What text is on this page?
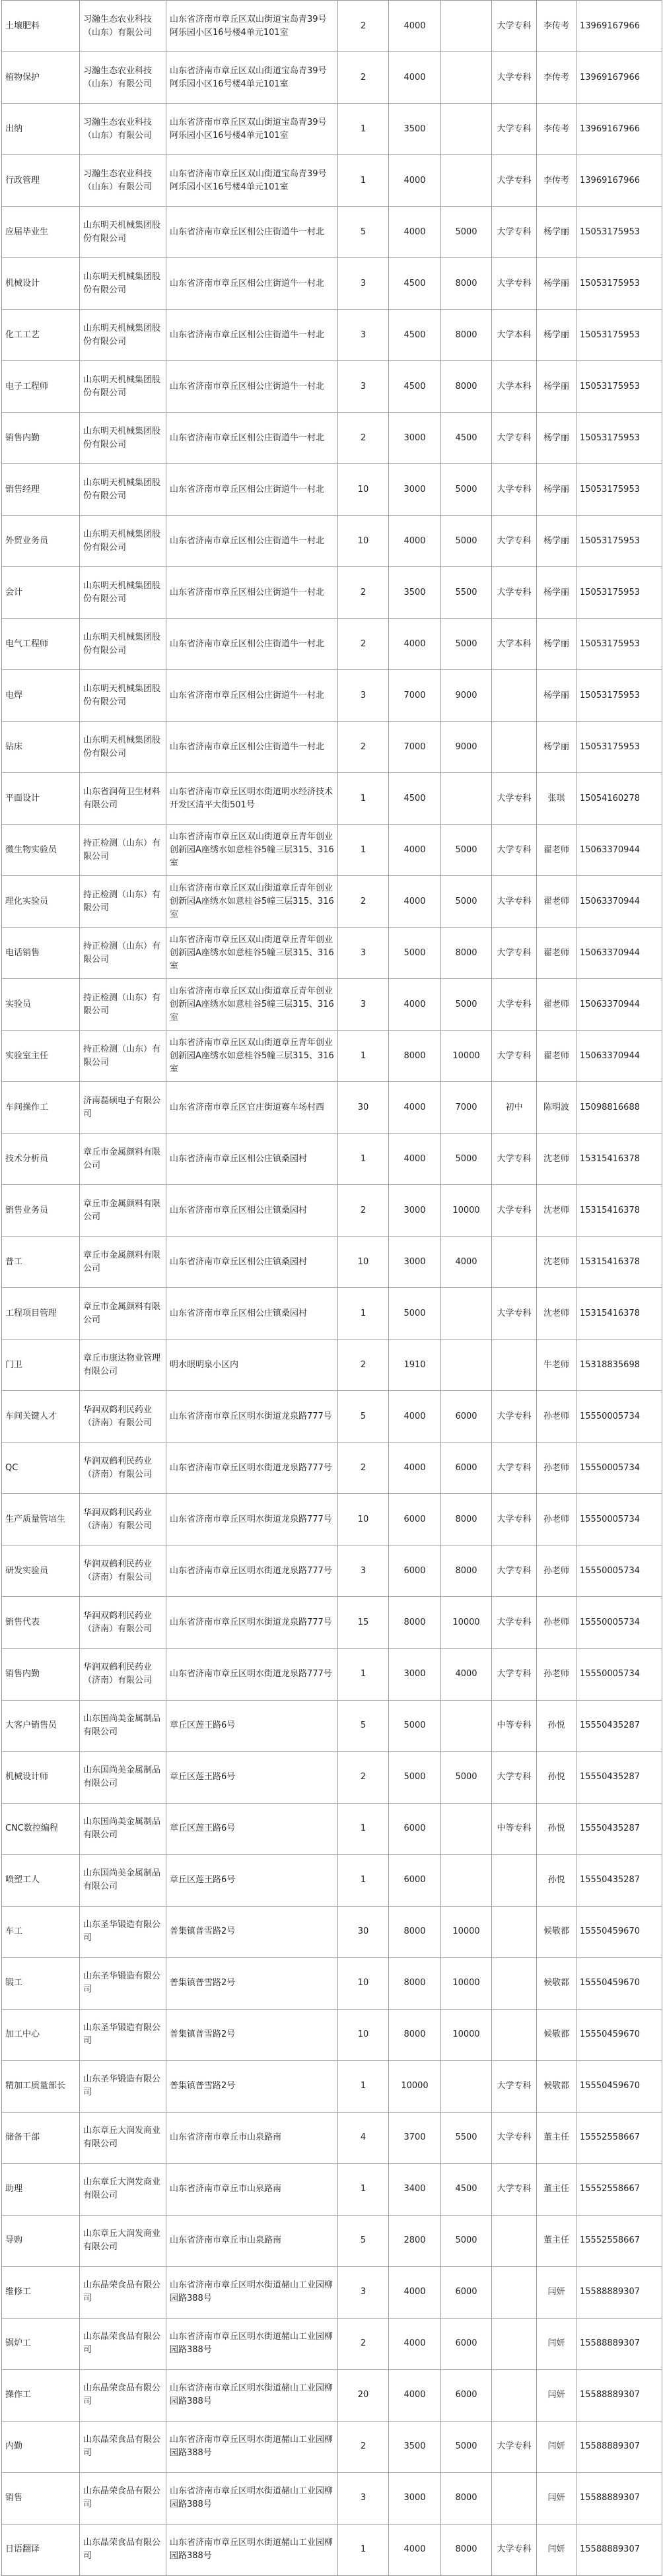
土壤肥料	习瀚生态农业科技（山东）有限公司	山东省济南市章丘区双山街道宝岛青39号阿乐园小区16号楼4单元101室	2	4000		大学专科	李传考	13969167966
植物保护	习瀚生态农业科技（山东）有限公司	山东省济南市章丘区双山街道宝岛青39号阿乐园小区16号楼4单元101室	2	4000		大学专科	李传考	13969167966
出纳	习瀚生态农业科技（山东）有限公司	山东省济南市章丘区双山街道宝岛青39号阿乐园小区16号楼4单元101室	1	3500		大学专科	李传考	13969167966
行政管理	习瀚生态农业科技（山东）有限公司	山东省济南市章丘区双山街道宝岛青39号阿乐园小区16号楼4单元101室	1	4000		大学专科	李传考	13969167966
应届毕业生	山东明天机械集团股份有限公司	山东省济南市章丘区相公庄街道牛一村北	5	4000	5000	大学专科	杨学丽	15053175953
机械设计	山东明天机械集团股份有限公司	山东省济南市章丘区相公庄街道牛一村北	3	4500	8000	大学专科	杨学丽	15053175953
化工工艺	山东明天机械集团股份有限公司	山东省济南市章丘区相公庄街道牛一村北	3	4500	8000	大学本科	杨学丽	15053175953
电子工程师	山东明天机械集团股份有限公司	山东省济南市章丘区相公庄街道牛一村北	3	4500	8000	大学本科	杨学丽	15053175953
销售内勤	山东明天机械集团股份有限公司	山东省济南市章丘区相公庄街道牛一村北	2	3000	4500	大学专科	杨学丽	15053175953
销售经理	山东明天机械集团股份有限公司	山东省济南市章丘区相公庄街道牛一村北	10	3000	5000	大学专科	杨学丽	15053175953
外贸业务员	山东明天机械集团股份有限公司	山东省济南市章丘区相公庄街道牛一村北	10	4000	5000	大学专科	杨学丽	15053175953
会计	山东明天机械集团股份有限公司	山东省济南市章丘区相公庄街道牛一村北	2	3500	5500	大学专科	杨学丽	15053175953
电气工程师	山东明天机械集团股份有限公司	山东省济南市章丘区相公庄街道牛一村北	2	4000	5000	大学本科	杨学丽	15053175953
电焊	山东明天机械集团股份有限公司	山东省济南市章丘区相公庄街道牛一村北	3	7000	9000		杨学丽	15053175953
钻床	山东明天机械集团股份有限公司	山东省济南市章丘区相公庄街道牛一村北	2	7000	9000		杨学丽	15053175953
平面设计	山东省润荷卫生材料有限公司	山东省济南市章丘区明水街道明水经济技术开发区清平大街501号	1	4500		大学专科	张琪	15054160278
微生物实验员	持正检测（山东）有限公司	山东省济南市章丘区双山街道章丘青年创业创新园A座绣水如意桂谷5幢三层315、316室	1	4000	5000	大学专科	翟老师	15063370944
理化实验员	持正检测（山东）有限公司	山东省济南市章丘区双山街道章丘青年创业创新园A座绣水如意桂谷5幢三层315、316室	2	4000	5000	大学专科	翟老师	15063370944
电话销售	持正检测（山东）有限公司	山东省济南市章丘区双山街道章丘青年创业创新园A座绣水如意桂谷5幢三层315、316室	3	5000	8000	大学专科	翟老师	15063370944
实验员	持正检测（山东）有限公司	山东省济南市章丘区双山街道章丘青年创业创新园A座绣水如意桂谷5幢三层315、316室	3	4000	5000	大学专科	翟老师	15063370944
实验室主任	持正检测（山东）有限公司	山东省济南市章丘区双山街道章丘青年创业创新园A座绣水如意桂谷5幢三层315、316室	1	8000	10000	大学专科	翟老师	15063370944
车间操作工	济南磊硕电子有限公司	山东省济南市章丘区官庄街道赛车场村西	30	4000	7000	初中	陈明波	15098816688
技术分析员	章丘市金属颜料有限公司	山东省济南市章丘区相公庄镇桑园村	1	4000	5000	大学专科	沈老师	15315416378
销售业务员	章丘市金属颜料有限公司	山东省济南市章丘区相公庄镇桑园村	2	3000	10000	大学专科	沈老师	15315416378
普工	章丘市金属颜料有限公司	山东省济南市章丘区相公庄镇桑园村	10	3000	4000		沈老师	15315416378
工程项目管理	章丘市金属颜料有限公司	山东省济南市章丘区相公庄镇桑园村	1	5000		大学专科	沈老师	15315416378
门卫	章丘市康达物业管理有限公司	明水眼明泉小区内	2	1910			牛老师	15318835698
车间关键人才	华润双鹤利民药业（济南）有限公司	山东省济南市章丘区明水街道龙泉路777号	5	4000	6000	大学专科	孙老师	15550005734
QC	华润双鹤利民药业（济南）有限公司	山东省济南市章丘区明水街道龙泉路777号	2	4000	6000	大学专科	孙老师	15550005734
生产质量管培生	华润双鹤利民药业（济南）有限公司	山东省济南市章丘区明水街道龙泉路777号	10	6000	8000	大学专科	孙老师	15550005734
研发实验员	华润双鹤利民药业（济南）有限公司	山东省济南市章丘区明水街道龙泉路777号	3	6000	8000	大学专科	孙老师	15550005734
销售代表	华润双鹤利民药业（济南）有限公司	山东省济南市章丘区明水街道龙泉路777号	15	8000	10000	大学专科	孙老师	15550005734
销售内勤	华润双鹤利民药业（济南）有限公司	山东省济南市章丘区明水街道龙泉路777号	1	3000	4000	大学专科	孙老师	15550005734
大客户销售员	山东国尚美金属制品有限公司	章丘区莲王路6号	5	5000		中等专科	孙悦	15550435287
机械设计师	山东国尚美金属制品有限公司	章丘区莲王路6号	2	5000	5000	大学专科	孙悦	15550435287
CNC数控编程	山东国尚美金属制品有限公司	章丘区莲王路6号	1	6000		中等专科	孙悦	15550435287
喷塑工人	山东国尚美金属制品有限公司	章丘区莲王路6号	1	6000			孙悦	15550435287
车工	山东圣华锻造有限公司	普集镇普雪路2号	30	8000	10000		候敬都	15550459670
锻工	山东圣华锻造有限公司	普集镇普雪路2号	10	8000	10000		候敬都	15550459670
加工中心	山东圣华锻造有限公司	普集镇普雪路2号	10	8000	10000		候敬都	15550459670
精加工质量部长	山东圣华锻造有限公司	普集镇普雪路2号	1	10000		大学专科	候敬都	15550459670
储备干部	山东章丘大润发商业有限公司	山东省济南市章丘市山泉路南	4	3700	5500	大学专科	董主任	15552558667
助理	山东章丘大润发商业有限公司	山东省济南市章丘市山泉路南	1	3400	4500	大学专科	董主任	15552558667
导购	山东章丘大润发商业有限公司	山东省济南市章丘市山泉路南	5	2800	5000		董主任	15552558667
维修工	山东晶荣食品有限公司	山东省济南市章丘区明水街道赭山工业园柳园路388号	3	4000	6000		闫妍	15588889307
锅炉工	山东晶荣食品有限公司	山东省济南市章丘区明水街道赭山工业园柳园路388号	2	4000	6000		闫妍	15588889307
操作工	山东晶荣食品有限公司	山东省济南市章丘区明水街道赭山工业园柳园路388号	20	4000	6000		闫妍	15588889307
内勤	山东晶荣食品有限公司	山东省济南市章丘区明水街道赭山工业园柳园路388号	2	3500	5000	大学专科	闫妍	15588889307
销售	山东晶荣食品有限公司	山东省济南市章丘区明水街道赭山工业园柳园路388号	3	3000	8000		闫妍	15588889307
日语翻译	山东晶荣食品有限公司	山东省济南市章丘区明水街道赭山工业园柳园路388号	1	4000	8000	大学专科	闫妍	15588889307
